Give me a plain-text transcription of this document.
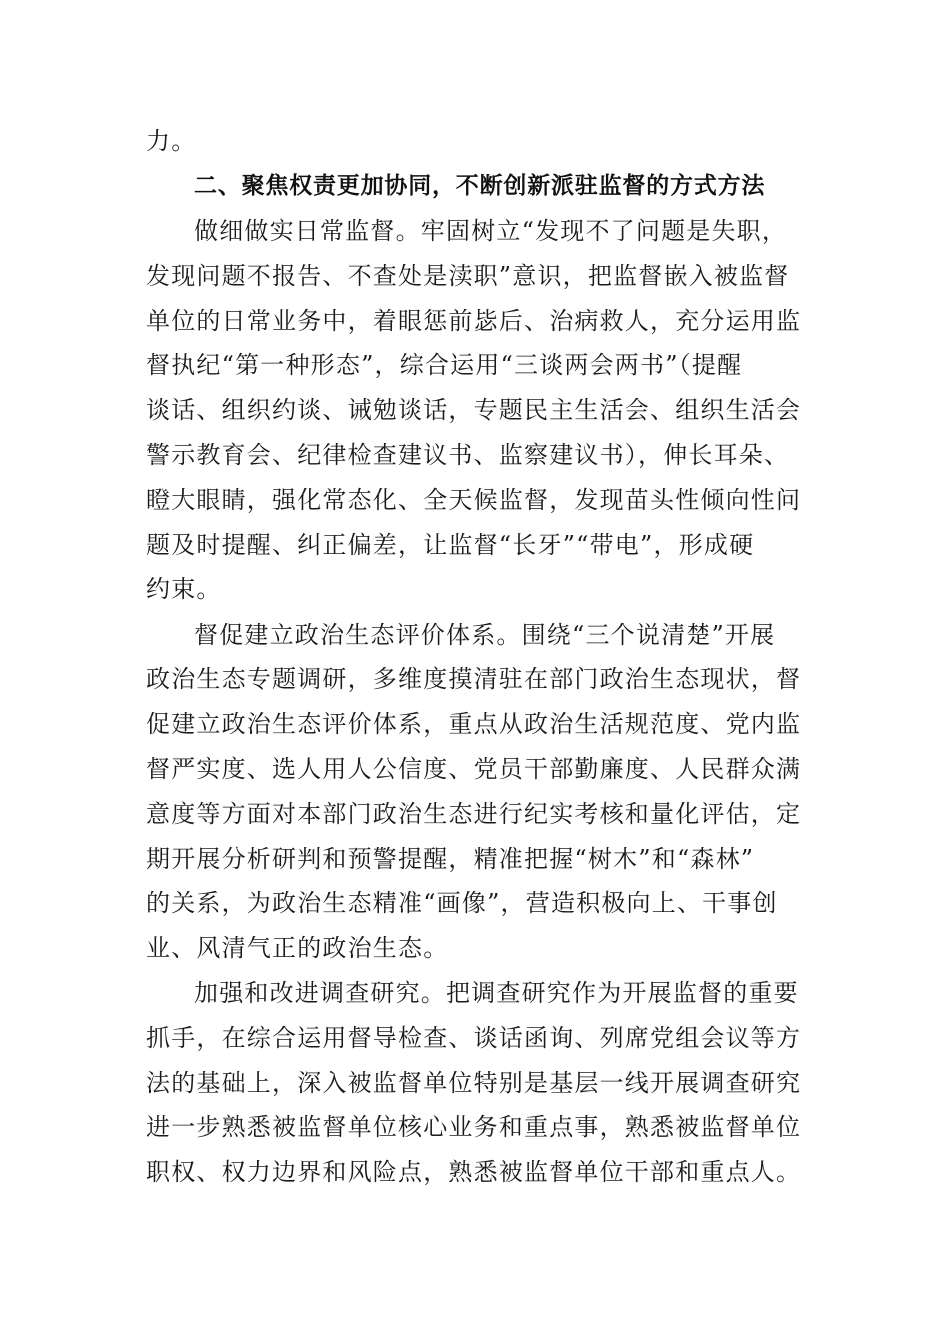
力。
二、聚焦权责更加协同，不断创新派驻监督的方式方法
做细做实日常监督。牢固树立“发现不了问题是失职，
发现问题不报告、不查处是渎职”意识，把监督嵌入被监督
单位的日常业务中，着眼惩前毖后、治病救人，充分运用监
督执纪“第一种形态”，综合运用“三谈两会两书”（提醒
谈话、组织约谈、诫勉谈话，专题民主生活会、组织生活会
警示教育会、纪律检查建议书、监察建议书），伸长耳朵、
瞪大眼睛，强化常态化、全天候监督，发现苗头性倾向性问
题及时提醒、纠正偏差，让监督“长牙”“带电”，形成硬
约束。
督促建立政治生态评价体系。围绕“三个说清楚”开展
政治生态专题调研，多维度摸清驻在部门政治生态现状，督
促建立政治生态评价体系，重点从政治生活规范度、党内监
督严实度、选人用人公信度、党员干部勤廉度、人民群众满
意度等方面对本部门政治生态进行纪实考核和量化评估，定
期开展分析研判和预警提醒，精准把握“树木”和“森林”
的关系，为政治生态精准“画像”，营造积极向上、干事创
业、风清气正的政治生态。
加强和改进调查研究。把调查研究作为开展监督的重要
抓手，在综合运用督导检查、谈话函询、列席党组会议等方
法的基础上，深入被监督单位特别是基层一线开展调查研究
进一步熟悉被监督单位核心业务和重点事，熟悉被监督单位
职权、权力边界和风险点，熟悉被监督单位干部和重点人。
